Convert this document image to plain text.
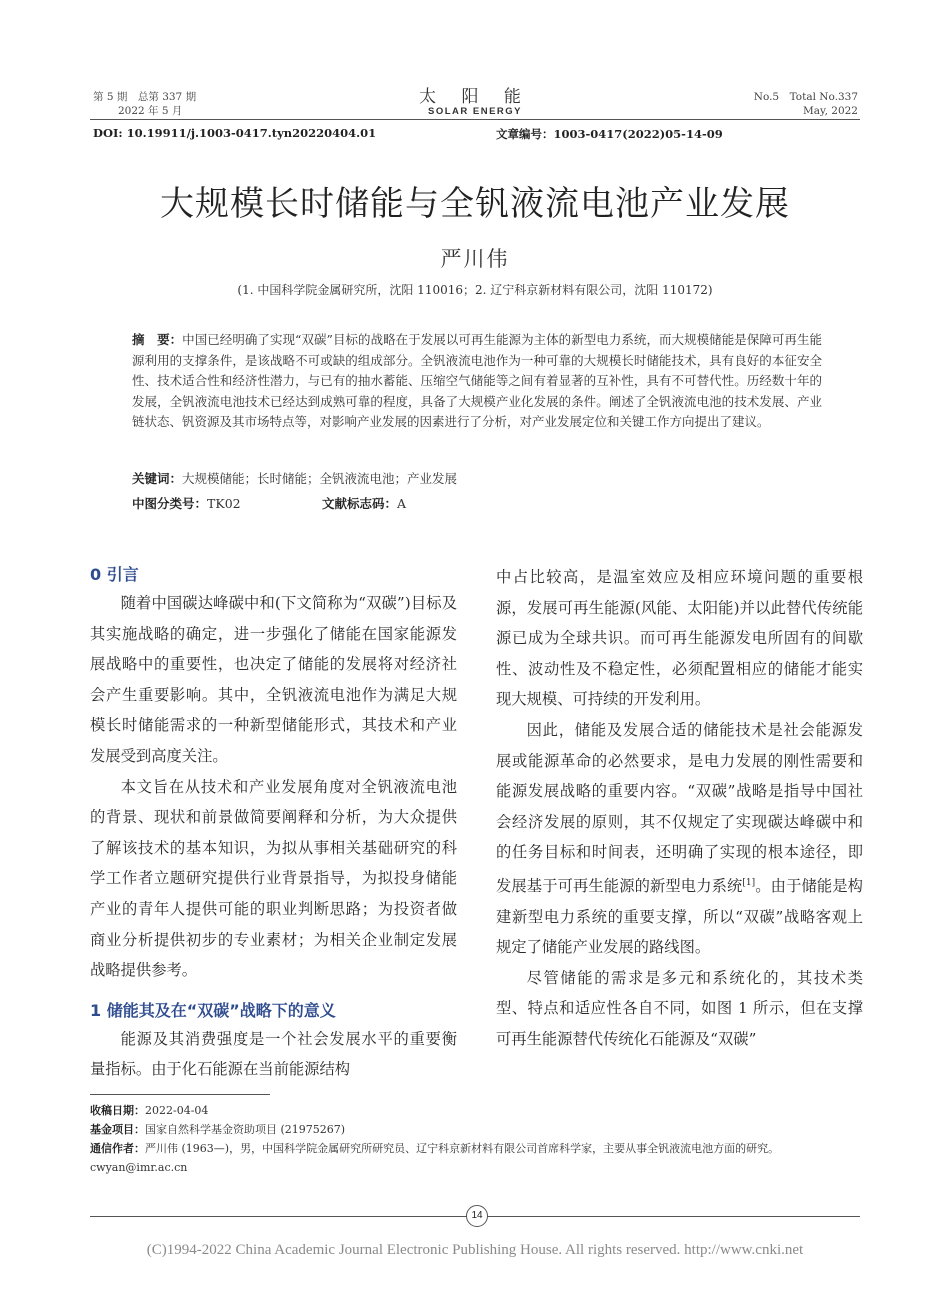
第 5 期　总第 337 期
2022 年 5 月
太 阳 能
SOLAR ENERGY
No.5　Total No.337
May, 2022
DOI: 10.19911/j.1003-0417.tyn20220404.01	文章编号：1003-0417(2022)05-14-09
大规模长时储能与全钒液流电池产业发展
严川伟
(1. 中国科学院金属研究所，沈阳 110016；2. 辽宁科京新材料有限公司，沈阳 110172)
摘　要：中国已经明确了实现“双碳”目标的战略在于发展以可再生能源为主体的新型电力系统，而大规模储能是保障可再生能源利用的支撑条件，是该战略不可或缺的组成部分。全钒液流电池作为一种可靠的大规模长时储能技术，具有良好的本征安全性、技术适合性和经济性潜力，与已有的抽水蓄能、压缩空气储能等之间有着显著的互补性，具有不可替代性。历经数十年的发展，全钒液流电池技术已经达到成熟可靠的程度，具备了大规模产业化发展的条件。阐述了全钒液流电池的技术发展、产业链状态、钒资源及其市场特点等，对影响产业发展的因素进行了分析，对产业发展定位和关键工作方向提出了建议。
关键词：大规模储能；长时储能；全钒液流电池；产业发展
中图分类号：TK02	文献标志码：A
0 引言

随着中国碳达峰碳中和(下文简称为“双碳”)目标及其实施战略的确定，进一步强化了储能在国家能源发展战略中的重要性，也决定了储能的发展将对经济社会产生重要影响。其中，全钒液流电池作为满足大规模长时储能需求的一种新型储能形式，其技术和产业发展受到高度关注。

本文旨在从技术和产业发展角度对全钒液流电池的背景、现状和前景做简要阐释和分析，为大众提供了解该技术的基本知识，为拟从事相关基础研究的科学工作者立题研究提供行业背景指导，为拟投身储能产业的青年人提供可能的职业判断思路；为投资者做商业分析提供初步的专业素材；为相关企业制定发展战略提供参考。

1 储能其及在“双碳”战略下的意义

能源及其消费强度是一个社会发展水平的重要衡量指标。由于化石能源在当前能源结构

中占比较高，是温室效应及相应环境问题的重要根源，发展可再生能源(风能、太阳能)并以此替代传统能源已成为全球共识。而可再生能源发电所固有的间歇性、波动性及不稳定性，必须配置相应的储能才能实现大规模、可持续的开发利用。

因此，储能及发展合适的储能技术是社会能源发展或能源革命的必然要求，是电力发展的刚性需要和能源发展战略的重要内容。“双碳”战略是指导中国社会经济发展的原则，其不仅规定了实现碳达峰碳中和的任务目标和时间表，还明确了实现的根本途径，即发展基于可再生能源的新型电力系统[1]。由于储能是构建新型电力系统的重要支撑，所以“双碳”战略客观上规定了储能产业发展的路线图。

尽管储能的需求是多元和系统化的，其技术类型、特点和适应性各自不同，如图 1 所示，但在支撑可再生能源替代传统化石能源及“双碳”

收稿日期：2022-04-04
基金项目：国家自然科学基金资助项目 (21975267)
通信作者：严川伟 (1963—)，男，中国科学院金属研究所研究员、辽宁科京新材料有限公司首席科学家，主要从事全钒液流电池方面的研究。
cwyan@imr.ac.cn
14
(C)1994-2022 China Academic Journal Electronic Publishing House. All rights reserved. http://www.cnki.net
